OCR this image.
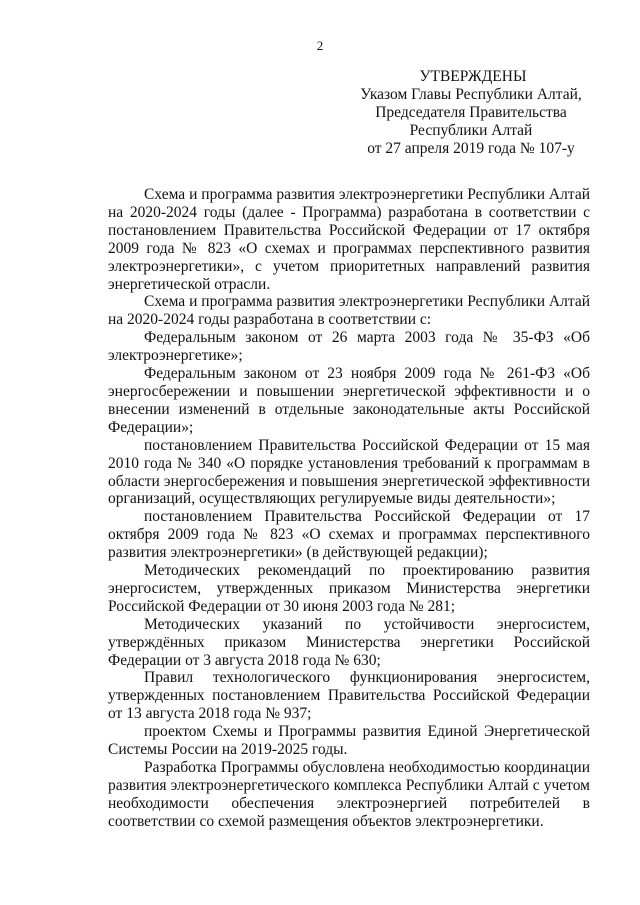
2
УТВЕРЖДЕНЫ
Указом Главы Республики Алтай,
Председателя Правительства
Республики Алтай
от 27 апреля 2019 года № 107-у

Схема и программа развития электроэнергетики Республики Алтай на 2020-2024 годы (далее - Программа) разработана в соответствии с постановлением Правительства Российской Федерации от 17 октября 2009 года № 823 «О схемах и программах перспективного развития электроэнергетики», с учетом приоритетных направлений развития энергетической отрасли.

Схема и программа развития электроэнергетики Республики Алтай на 2020-2024 годы разработана в соответствии с:

Федеральным законом от 26 марта 2003 года № 35-ФЗ «Об электроэнергетике»;

Федеральным законом от 23 ноября 2009 года № 261-ФЗ «Об энергосбережении и повышении энергетической эффективности и о внесении изменений в отдельные законодательные акты Российской Федерации»;

постановлением Правительства Российской Федерации от 15 мая 2010 года № 340 «О порядке установления требований к программам в области энергосбережения и повышения энергетической эффективности организаций, осуществляющих регулируемые виды деятельности»;

постановлением Правительства Российской Федерации от 17 октября 2009 года № 823 «О схемах и программах перспективного развития электроэнергетики» (в действующей редакции);

Методических рекомендаций по проектированию развития энергосистем, утвержденных приказом Министерства энергетики Российской Федерации от 30 июня 2003 года № 281;

Методических указаний по устойчивости энергосистем, утверждённых приказом Министерства энергетики Российской Федерации от 3 августа 2018 года № 630;

Правил технологического функционирования энергосистем, утвержденных постановлением Правительства Российской Федерации от 13 августа 2018 года № 937;

проектом Схемы и Программы развития Единой Энергетической Системы России на 2019-2025 годы.

Разработка Программы обусловлена необходимостью координации развития электроэнергетического комплекса Республики Алтай с учетом необходимости обеспечения электроэнергией потребителей в соответствии со схемой размещения объектов электроэнергетики.
